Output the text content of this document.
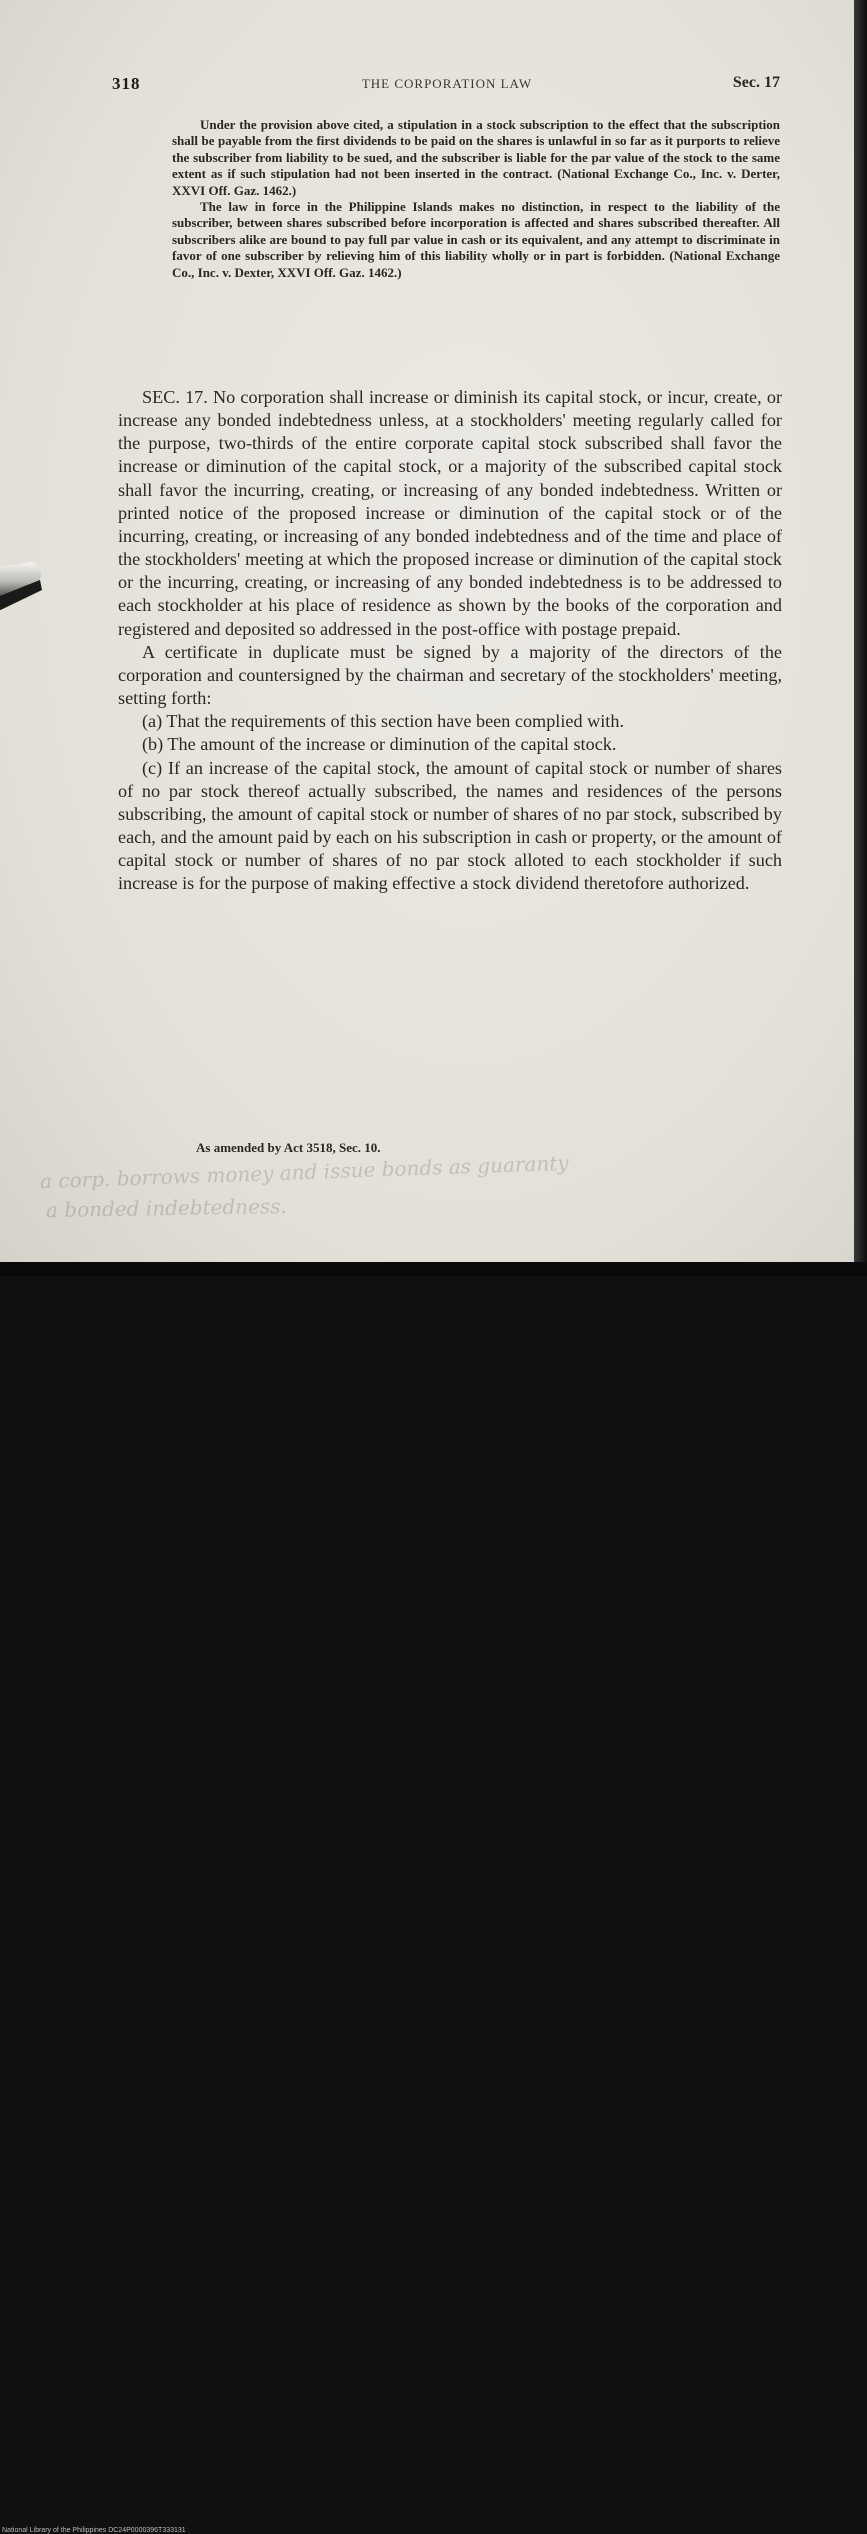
318	THE CORPORATION LAW	Sec. 17

Under the provision above cited, a stipulation in a stock subscription to the effect that the subscription shall be payable from the first dividends to be paid on the shares is unlawful in so far as it purports to relieve the subscriber from liability to be sued, and the subscriber is liable for the par value of the stock to the same extent as if such stipulation had not been inserted in the contract. (National Exchange Co., Inc. v. Derter, XXVI Off. Gaz. 1462.)

The law in force in the Philippine Islands makes no distinction, in respect to the liability of the subscriber, between shares subscribed before incorporation is affected and shares subscribed thereafter. All subscribers alike are bound to pay full par value in cash or its equivalent, and any attempt to discriminate in favor of one subscriber by relieving him of this liability wholly or in part is forbidden. (National Exchange Co., Inc. v. Dexter, XXVI Off. Gaz. 1462.)

SEC. 17. No corporation shall increase or diminish its capital stock, or incur, create, or increase any bonded indebtedness unless, at a stockholders' meeting regularly called for the purpose, two-thirds of the entire corporate capital stock subscribed shall favor the increase or diminution of the capital stock, or a majority of the subscribed capital stock shall favor the incurring, creating, or increasing of any bonded indebtedness. Written or printed notice of the proposed increase or diminution of the capital stock or of the incurring, creating, or increasing of any bonded indebtedness and of the time and place of the stockholders' meeting at which the proposed increase or diminution of the capital stock or the incurring, creating, or increasing of any bonded indebtedness is to be addressed to each stockholder at his place of residence as shown by the books of the corporation and registered and deposited so addressed in the post-office with postage prepaid.

A certificate in duplicate must be signed by a majority of the directors of the corporation and countersigned by the chairman and secretary of the stockholders' meeting, setting forth:

(a) That the requirements of this section have been complied with.

(b) The amount of the increase or diminution of the capital stock.

(c) If an increase of the capital stock, the amount of capital stock or number of shares of no par stock thereof actually subscribed, the names and residences of the persons subscribing, the amount of capital stock or number of shares of no par stock, subscribed by each, and the amount paid by each on his subscription in cash or property, or the amount of capital stock or number of shares of no par stock alloted to each stockholder if such increase is for the purpose of making effective a stock dividend theretofore authorized.

As amended by Act 3518, Sec. 10.
a corp. borrows money and issue bonds as guaranty
a bonded indebtedness.
National Library of the Philippines DC24P0000396T333131
